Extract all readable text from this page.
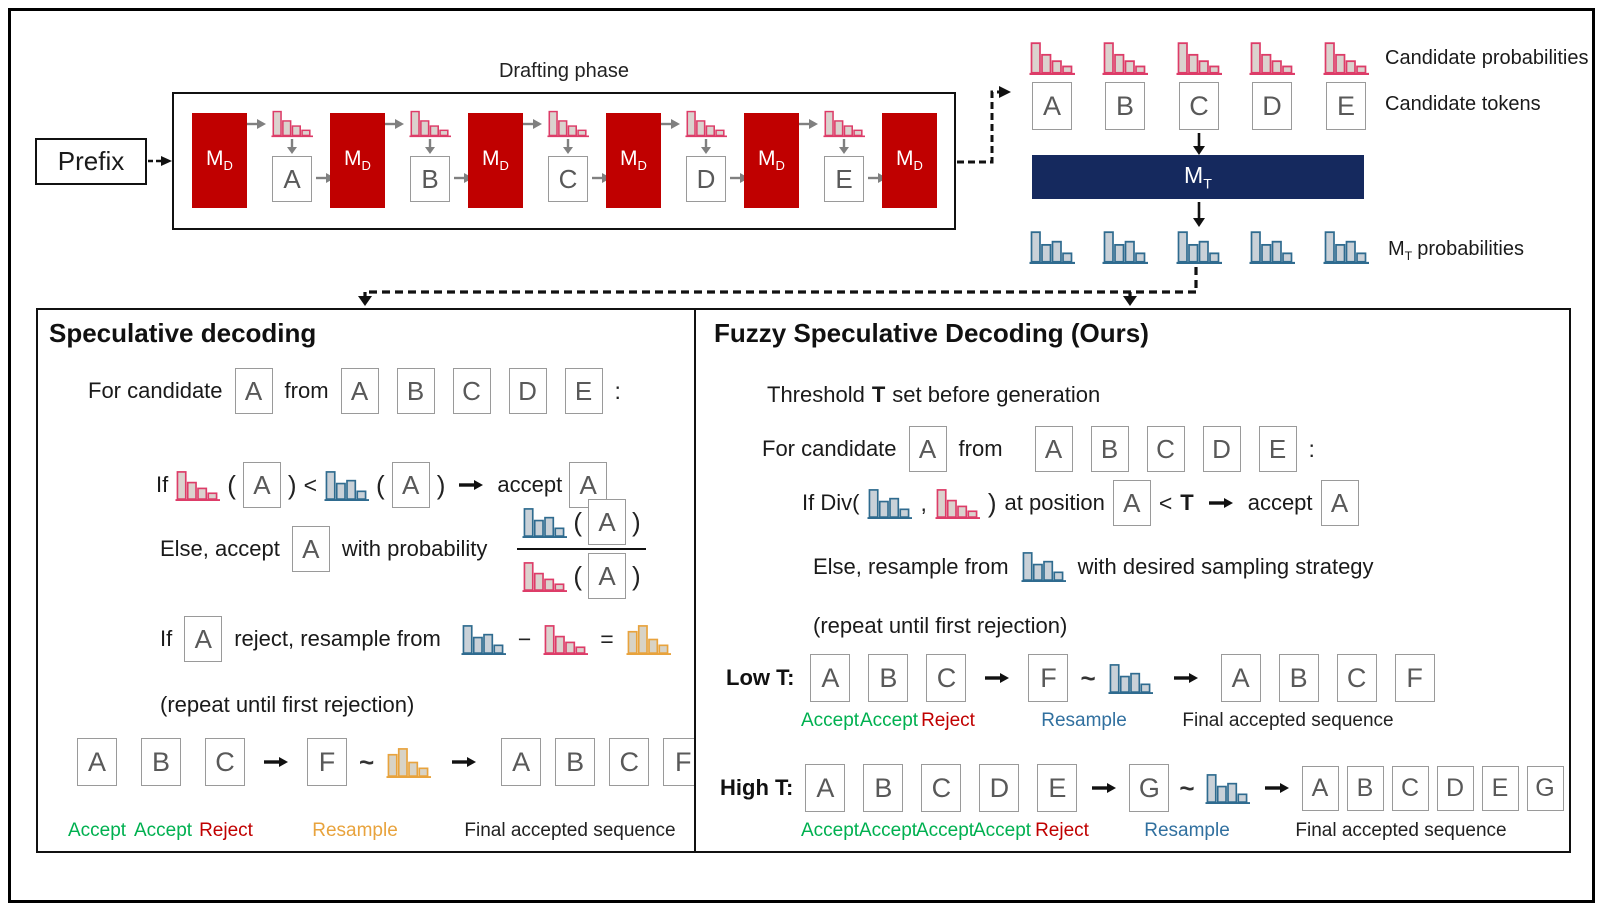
Prefix
Drafting phase
$M_D$	A
$M_D$	B
$M_D$	C
$M_D$	D
$M_D$	E
$M_D$
A	B	C	D	E
Candidate probabilities
Candidate tokens
$M_T$
$M_T$ probabilities
Speculative decoding
For candidate A	from A	B	C	D	E :
If ( A ) < ( A ) accept A
Else, accept A	with probability $\frac{( A )}{( A )}$
If A	reject, resample from	−	=
(repeat until first rejection)
A	B	C	F ~	A	B	C	F
Accept Accept Reject	Resample	Final accepted sequence
Fuzzy Speculative Decoding (Ours)
Threshold T set before generation
For candidate A	from	A	B	C	D	E :
If Div(	, ) at position A < T accept A
Else, resample from	with desired sampling strategy
(repeat until first rejection)
Low T: A	B	C	F ~	A	B	C	F
Accept Accept Reject	Resample	Final accepted sequence
High T: A	B	C	D	E	G ~	A	B	C	D	E	G
Accept Accept
Accept
Accept Reject	Resample	Final accepted sequence
